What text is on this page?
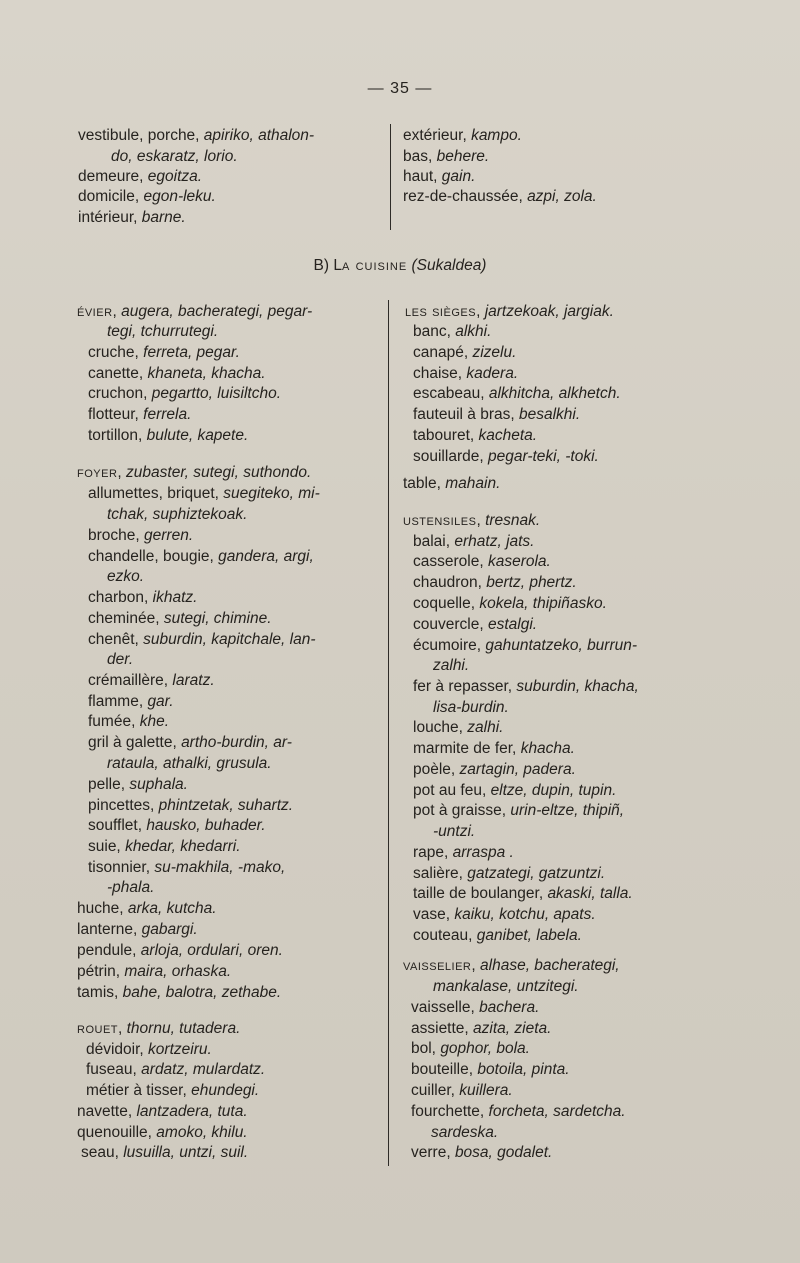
— 35 —
vestibule, porche, apiriko, athalon-
do, eskaratz, lorio.
demeure, egoitza.
domicile, egon-leku.
intérieur, barne.
extérieur, kampo.
bas, behere.
haut, gain.
rez-de-chaussée, azpi, zola.
B) La cuisine (Sukaldea)
évier, augera, bacherategi, pegar-
tegi, tchurrutegi.
cruche, ferreta, pegar.
canette, khaneta, khacha.
cruchon, pegartto, luisiltcho.
flotteur, ferrela.
tortillon, bulute, kapete.
foyer, zubaster, sutegi, suthondo.
allumettes, briquet, suegiteko, mi-
tchak, suphiztekoak.
broche, gerren.
chandelle, bougie, gandera, argi,
ezko.
charbon, ikhatz.
cheminée, sutegi, chimine.
chenêt, suburdin, kapitchale, lan-
der.
crémaillère, laratz.
flamme, gar.
fumée, khe.
gril à galette, artho-burdin, ar-
rataula, athalki, grusula.
pelle, suphala.
pincettes, phintzetak, suhartz.
soufflet, hausko, buhader.
suie, khedar, khedarri.
tisonnier, su-makhila, -mako,
-phala.
huche, arka, kutcha.
lanterne, gabargi.
pendule, arloja, ordulari, oren.
pétrin, maira, orhaska.
tamis, bahe, balotra, zethabe.
rouet, thornu, tutadera.
dévidoir, kortzeiru.
fuseau, ardatz, mulardatz.
métier à tisser, ehundegi.
navette, lantzadera, tuta.
quenouille, amoko, khilu.
seau, lusuilla, untzi, suil.
les sièges, jartzekoak, jargiak.
banc, alkhi.
canapé, zizelu.
chaise, kadera.
escabeau, alkhitcha, alkhetch.
fauteuil à bras, besalkhi.
tabouret, kacheta.
souillarde, pegar-teki, -toki.
table, mahain.
ustensiles, tresnak.
balai, erhatz, jats.
casserole, kaserola.
chaudron, bertz, phertz.
coquelle, kokela, thipiñasko.
couvercle, estalgi.
écumoire, gahuntatzeko, burrun-
zalhi.
fer à repasser, suburdin, khacha,
lisa-burdin.
louche, zalhi.
marmite de fer, khacha.
poèle, zartagin, padera.
pot au feu, eltze, dupin, tupin.
pot à graisse, urin-eltze, thipiñ,
-untzi.
rape, arraspa .
salière, gatzategi, gatzuntzi.
taille de boulanger, akaski, talla.
vase, kaiku, kotchu, apats.
couteau, ganibet, labela.
vaisselier, alhase, bacherategi,
mankalase, untzitegi.
vaisselle, bachera.
assiette, azita, zieta.
bol, gophor, bola.
bouteille, botoila, pinta.
cuiller, kuillera.
fourchette, forcheta, sardetcha.
sardeska.
verre, bosa, godalet.
